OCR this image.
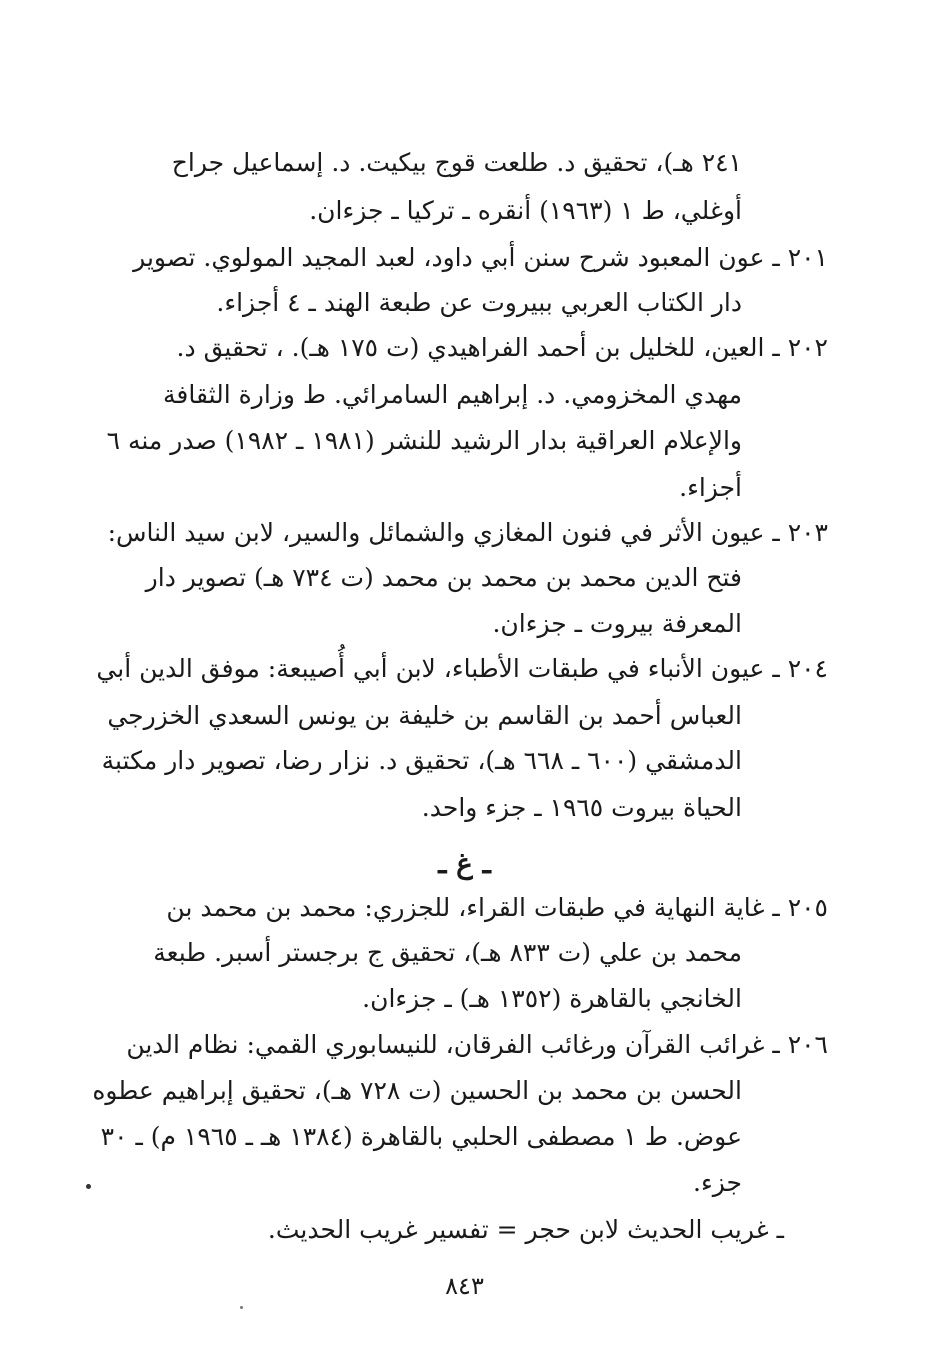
٢٤١ هـ)، تحقيق د. طلعت قوج بيكيت. د. إسماعيل جراح
أوغلي، ط ١ (١٩٦٣) أنقره ـ تركيا ـ جزءان.
٢٠١ ـ عون المعبود شرح سنن أبي داود، لعبد المجيد المولوي. تصوير
دار الكتاب العربي ببيروت عن طبعة الهند ـ ٤ أجزاء.
٢٠٢ ـ العين، للخليل بن أحمد الفراهيدي (ت ١٧٥ هـ). ، تحقيق د.
مهدي المخزومي. د. إبراهيم السامرائي. ط وزارة الثقافة
والإعلام العراقية بدار الرشيد للنشر (١٩٨١ ـ ١٩٨٢) صدر منه ٦
أجزاء.
٢٠٣ ـ عيون الأثر في فنون المغازي والشمائل والسير، لابن سيد الناس:
فتح الدين محمد بن محمد بن محمد (ت ٧٣٤ هـ) تصوير دار
المعرفة بيروت ـ جزءان.
٢٠٤ ـ عيون الأنباء في طبقات الأطباء، لابن أبي أُصيبعة: موفق الدين أبي
العباس أحمد بن القاسم بن خليفة بن يونس السعدي الخزرجي
الدمشقي (٦٠٠ ـ ٦٦٨ هـ)، تحقيق د. نزار رضا، تصوير دار مكتبة
الحياة بيروت ١٩٦٥ ـ جزء واحد.
٢٠٥ ـ غاية النهاية في طبقات القراء، للجزري: محمد بن محمد بن
محمد بن علي (ت ٨٣٣ هـ)، تحقيق ج برجستر أسبر. طبعة
الخانجي بالقاهرة (١٣٥٢ هـ) ـ جزءان.
٢٠٦ ـ غرائب القرآن ورغائب الفرقان، للنيسابوري القمي: نظام الدين
الحسن بن محمد بن الحسين (ت ٧٢٨ هـ)، تحقيق إبراهيم عطوه
عوض. ط ١ مصطفى الحلبي بالقاهرة (١٣٨٤ هـ ـ ١٩٦٥ م) ـ ٣٠
جزء.
ـ غريب الحديث لابن حجر = تفسير غريب الحديث.
ـ غ ـ
٨٤٣
